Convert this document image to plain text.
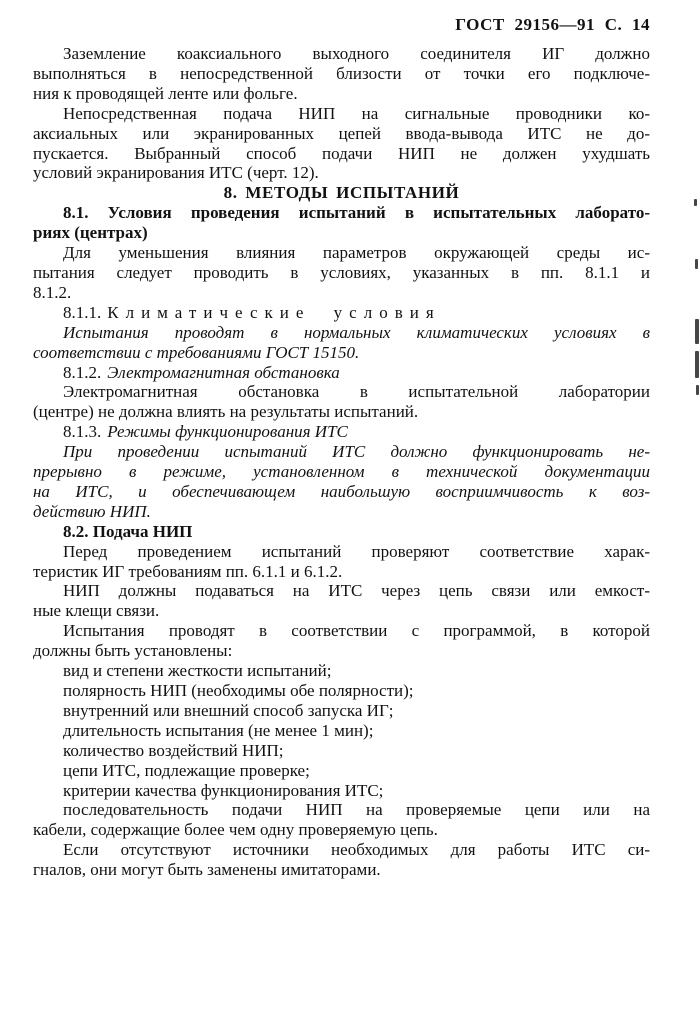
ГОСТ 29156—91 С. 14

Заземление коаксиального выходного соединителя ИГ должно
выполняться в непосредственной близости от точки его подключе-
ния к проводящей ленте или фольге.

Непосредственная подача НИП на сигнальные проводники ко-
аксиальных или экранированных цепей ввода-вывода ИТС не до-
пускается. Выбранный способ подачи НИП не должен ухудшать
условий экранирования ИТС (черт. 12).

8. МЕТОДЫ ИСПЫТАНИЙ

8.1. Условия проведения испытаний в испытательных лаборато-
риях (центрах)

Для уменьшения влияния параметров окружающей среды ис-
пытания следует проводить в условиях, указанных в пп. 8.1.1 и
8.1.2.

8.1.1. Климатические условия

Испытания проводят в нормальных климатических условиях в
соответствии с требованиями ГОСТ 15150.

8.1.2. Электромагнитная обстановка

Электромагнитная обстановка в испытательной лаборатории
(центре) не должна влиять на результаты испытаний.

8.1.3. Режимы функционирования ИТС

При проведении испытаний ИТС должно функционировать не-
прерывно в режиме, установленном в технической документации
на ИТС, и обеспечивающем наибольшую восприимчивость к воз-
действию НИП.

8.2. Подача НИП

Перед проведением испытаний проверяют соответствие харак-
теристик ИГ требованиям пп. 6.1.1 и 6.1.2.

НИП должны подаваться на ИТС через цепь связи или емкост-
ные клещи связи.

Испытания проводят в соответствии с программой, в которой
должны быть установлены:

вид и степени жесткости испытаний;

полярность НИП (необходимы обе полярности);

внутренний или внешний способ запуска ИГ;

длительность испытания (не менее 1 мин);

количество воздействий НИП;

цепи ИТС, подлежащие проверке;

критерии качества функционирования ИТС;

последовательность подачи НИП на проверяемые цепи или на
кабели, содержащие более чем одну проверяемую цепь.

Если отсутствуют источники необходимых для работы ИТС си-
гналов, они могут быть заменены имитаторами.
